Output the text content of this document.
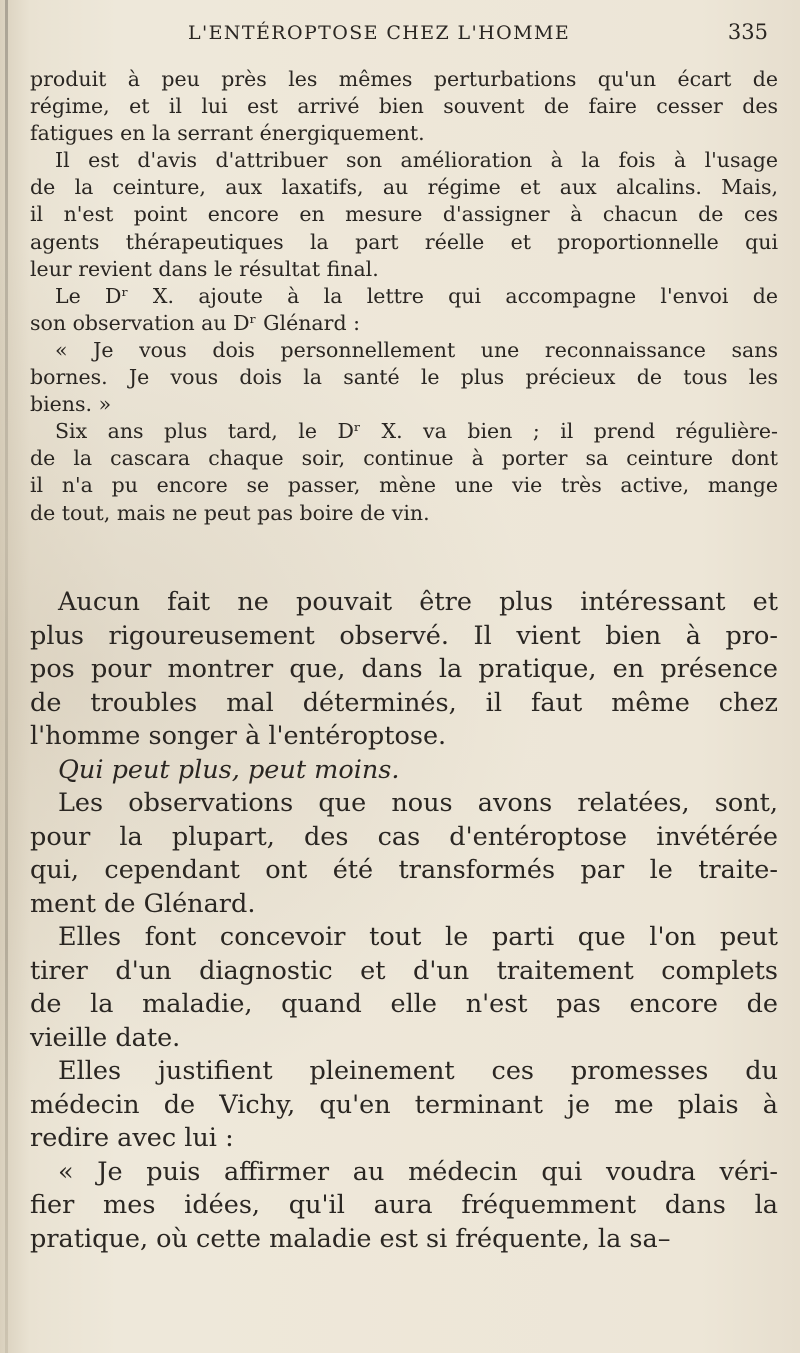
L'ENTÉROPTOSE CHEZ L'HOMME	335

produit à peu près les mêmes perturbations qu'un écart de

régime, et il lui est arrivé bien souvent de faire cesser des

fatigues en la serrant énergiquement.

Il est d'avis d'attribuer son amélioration à la fois à l'usage

de la ceinture, aux laxatifs, au régime et aux alcalins. Mais,

il n'est point encore en mesure d'assigner à chacun de ces

agents thérapeutiques la part réelle et proportionnelle qui

leur revient dans le résultat final.

Le Dʳ X. ajoute à la lettre qui accompagne l'envoi de

son observation au Dʳ Glénard :

« Je vous dois personnellement une reconnaissance sans

bornes. Je vous dois la santé le plus précieux de tous les

biens. »

Six ans plus tard, le Dʳ X. va bien ; il prend régulière-

de la cascara chaque soir, continue à porter sa ceinture dont

il n'a pu encore se passer, mène une vie très active, mange

de tout, mais ne peut pas boire de vin.

Aucun fait ne pouvait être plus intéressant et

plus rigoureusement observé. Il vient bien à pro-

pos pour montrer que, dans la pratique, en présence

de troubles mal déterminés, il faut même chez

l'homme songer à l'entéroptose.

Qui peut plus, peut moins.

Les observations que nous avons relatées, sont,

pour la plupart, des cas d'entéroptose invétérée

qui, cependant ont été transformés par le traite-

ment de Glénard.

Elles font concevoir tout le parti que l'on peut

tirer d'un diagnostic et d'un traitement complets

de la maladie, quand elle n'est pas encore de

vieille date.

Elles justifient pleinement ces promesses du

médecin de Vichy, qu'en terminant je me plais à

redire avec lui :

« Je puis affirmer au médecin qui voudra véri-

fier mes idées, qu'il aura fréquemment dans la

pratique, où cette maladie est si fréquente, la sa–
